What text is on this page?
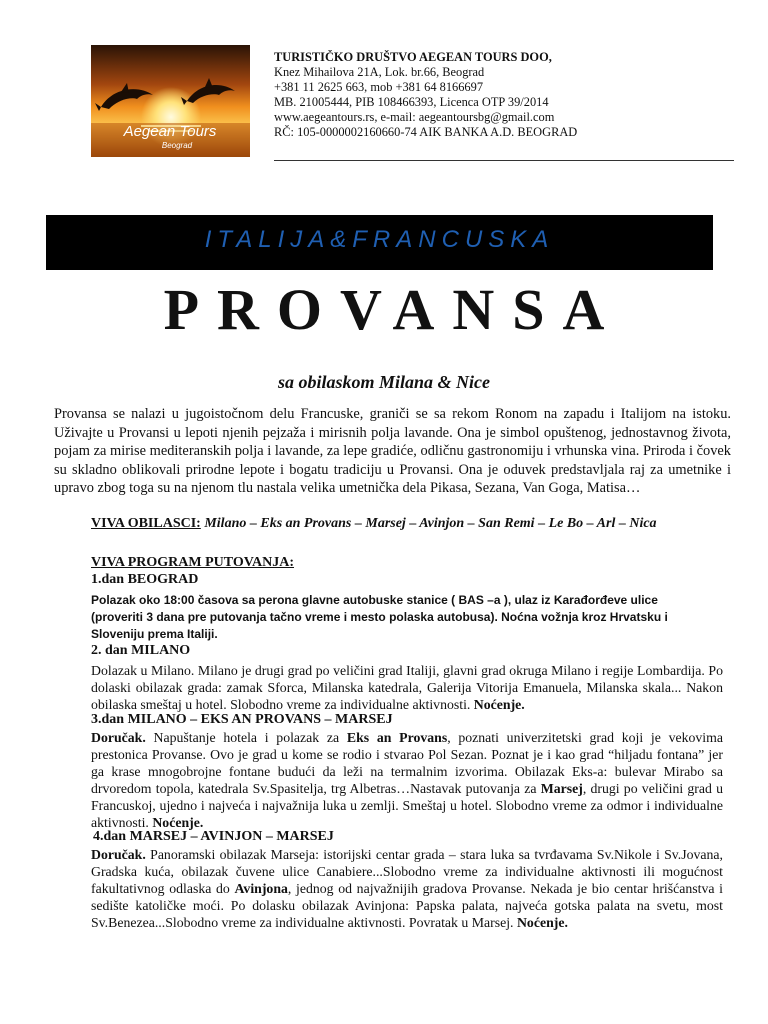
Aegean Tours
Beograd
TURISTIČKO DRUŠTVO AEGEAN TOURS DOO,
Knez Mihailova 21A, Lok. br.66, Beograd
+381 11 2625 663, mob +381 64 8166697
MB. 21005444, PIB 108466393, Licenca OTP 39/2014
www.aegeantours.rs, e-mail: aegeantoursbg@gmail.com
RČ: 105-0000002160660-74 AIK BANKA A.D. BEOGRAD
ITALIJA&FRANCUSKA
PROVANSA
sa obilaskom Milana & Nice
Provansa se nalazi u jugoistočnom delu Francuske, graniči se sa rekom Ronom na zapadu i Italijom na istoku. Uživajte u Provansi u lepoti njenih pejzaža i mirisnih polja lavande. Ona je simbol opuštenog, jednostavnog života, pojam za mirise mediteranskih polja i lavande, za lepe gradiće, odličnu gastronomiju i vrhunska vina. Priroda i čovek su skladno oblikovali prirodne lepote i bogatu tradiciju u Provansi. Ona je oduvek predstavljala raj za umetnike i upravo zbog toga su na njenom tlu nastala velika umetnička dela Pikasa, Sezana, Van Goga, Matisa…
VIVA OBILASCI: Milano – Eks an Provans – Marsej – Avinjon – San Remi – Le Bo – Arl – Nica
VIVA PROGRAM PUTOVANJA:
1.dan BEOGRAD
Polazak oko 18:00 časova sa perona glavne autobuske stanice ( BAS –a ), ulaz iz Karađorđeve ulice (proveriti 3 dana pre putovanja tačno vreme i mesto polaska autobusa). Noćna vožnja kroz Hrvatsku i Sloveniju prema Italiji.
2. dan MILANO
Dolazak u Milano. Milano je drugi grad po veličini grad Italiji, glavni grad okruga Milano i regije Lombardija. Po dolaski obilazak grada: zamak Sforca, Milanska katedrala, Galerija Vitorija Emanuela, Milanska skala... Nakon obilaska smeštaj u hotel. Slobodno vreme za individualne aktivnosti. Noćenje.
3.dan MILANO – EKS AN PROVANS – MARSEJ
Doručak. Napuštanje hotela i polazak za Eks an Provans, poznati univerzitetski grad koji je vekovima prestonica Provanse. Ovo je grad u kome se rodio i stvarao Pol Sezan. Poznat je i kao grad “hiljadu fontana” jer ga krase mnogobrojne fontane budući da leži na termalnim izvorima. Obilazak Eks-a: bulevar Mirabo sa drvoredom topola, katedrala Sv.Spasitelja, trg Albetras…Nastavak putovanja za Marsej, drugi po veličini grad u Francuskoj, ujedno i najveća i najvažnija luka u zemlji. Smeštaj u hotel. Slobodno vreme za odmor i individualne aktivnosti. Noćenje.
4.dan MARSEJ – AVINJON – MARSEJ
Doručak. Panoramski obilazak Marseja: istorijski centar grada – stara luka sa tvrđavama Sv.Nikole i Sv.Jovana, Gradska kuća, obilazak čuvene ulice Canabiere...Slobodno vreme za individualne aktivnosti ili mogućnost fakultativnog odlaska do Avinjona, jednog od najvažnijih gradova Provanse. Nekada je bio centar hrišćanstva i sedište katoličke moći. Po dolasku obilazak Avinjona: Papska palata, najveća gotska palata na svetu, most Sv.Benezea...Slobodno vreme za individualne aktivnosti. Povratak u Marsej. Noćenje.
